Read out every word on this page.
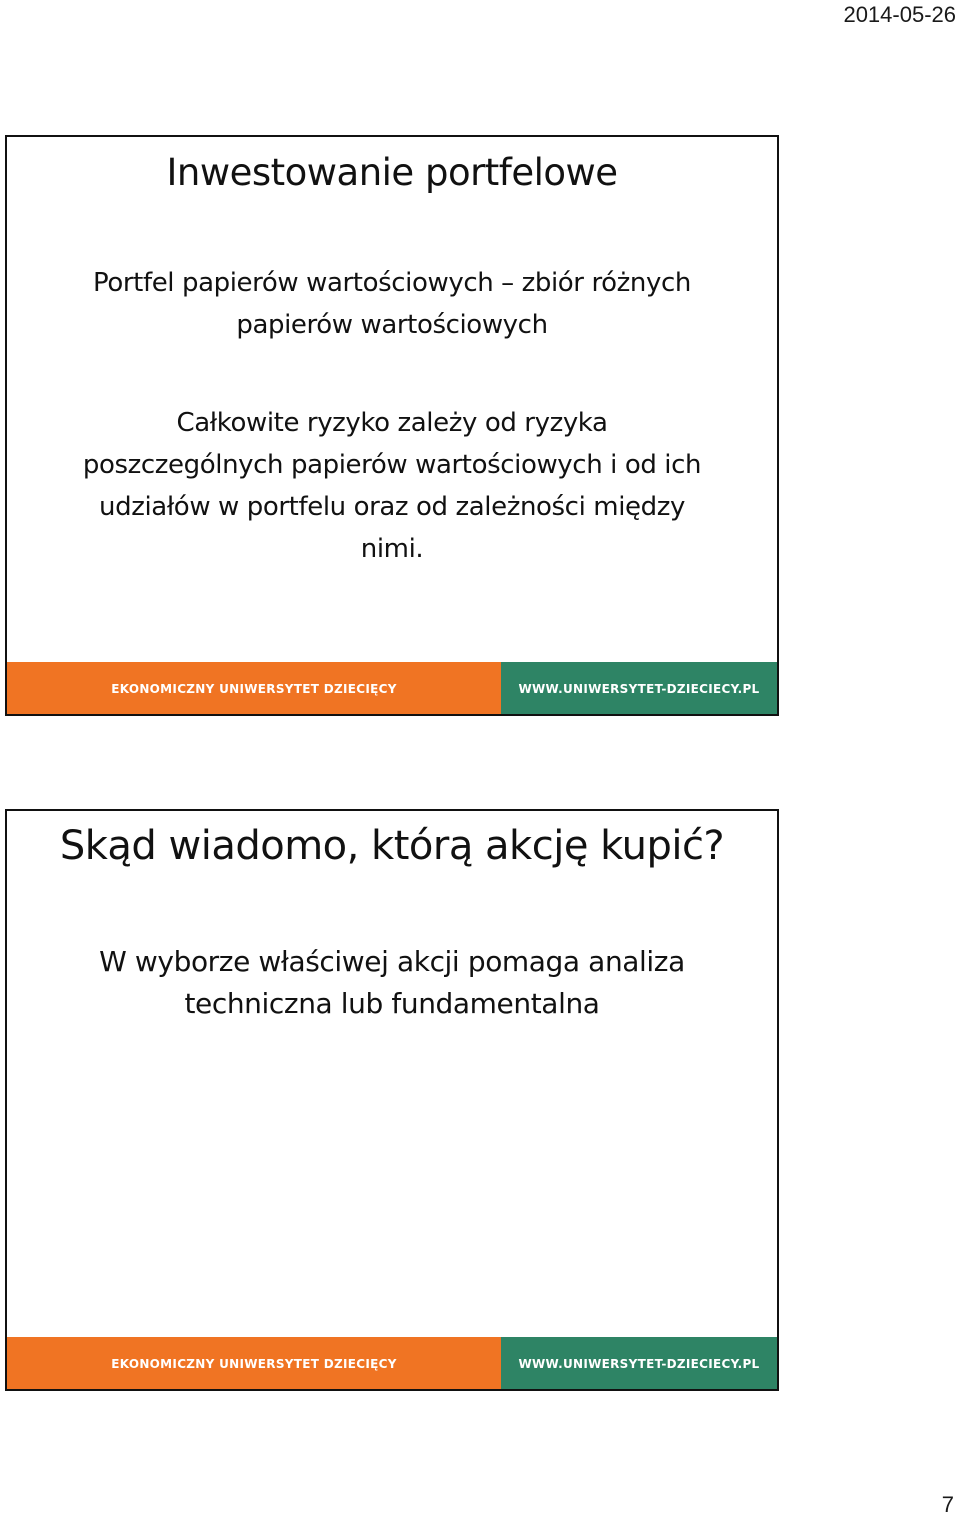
2014-05-26
Inwestowanie portfelowe

Portfel papierów wartościowych – zbiór różnych
papierów wartościowych

Całkowite ryzyko zależy od ryzyka
poszczególnych papierów wartościowych i od ich
udziałów w portfelu oraz od zależności między
nimi.

EKONOMICZNY UNIWERSYTET DZIECIĘCY	WWW.UNIWERSYTET-DZIECIECY.PL
Skąd wiadomo, którą akcję kupić?

W wyborze właściwej akcji pomaga analiza
techniczna lub fundamentalna

EKONOMICZNY UNIWERSYTET DZIECIĘCY	WWW.UNIWERSYTET-DZIECIECY.PL
7
